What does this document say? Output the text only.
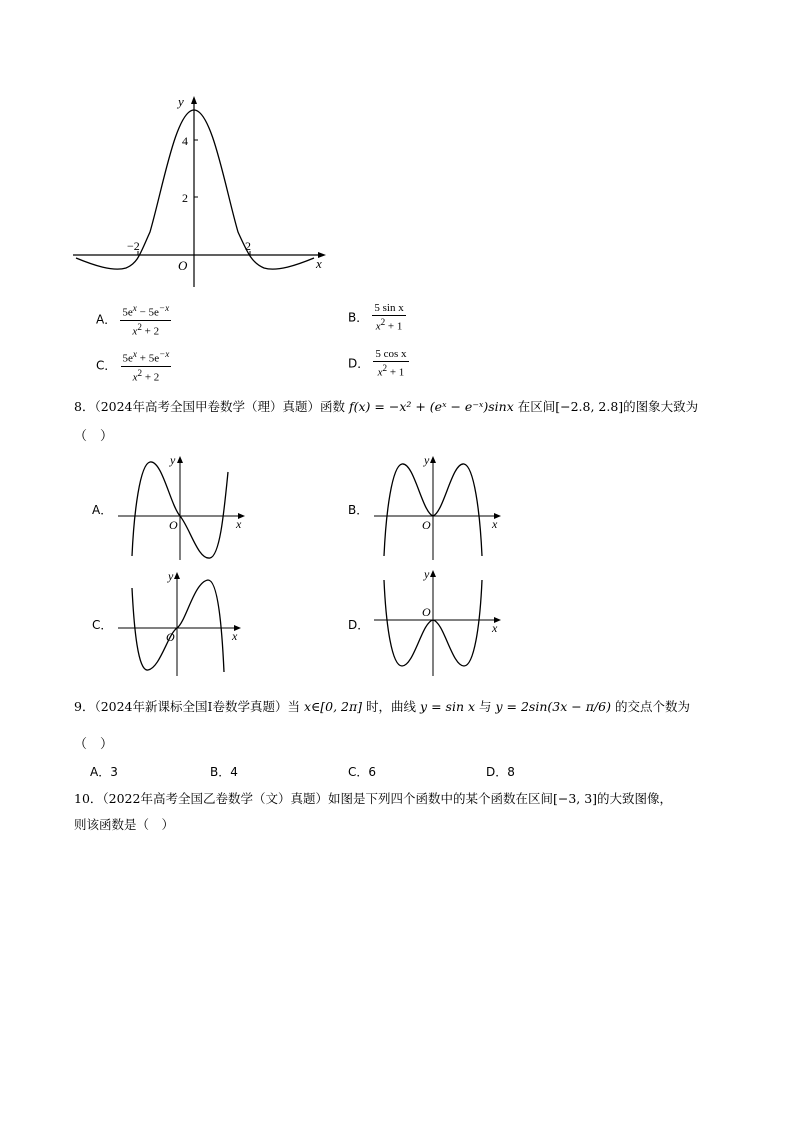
y
x
O
4
2
−2	2
A． $\frac{5e^x - 5e^{-x}}{x^2 + 2}$	B． $\frac{\text{5 sin x}}{x^2 + 1}$
C． $\frac{5e^x + 5e^{-x}}{x^2 + 2}$	D． $\frac{\text{5 cos x}}{x^2 + 1}$
8．（2024年高考全国甲卷数学（理）真题）函数 f(x) = −x² + (eˣ − e⁻ˣ)sinx 在区间[−2.8, 2.8]的图象大致为
（　）
A．
y
x
O
B．
y
x
O
C．
y
x
O
D．
y
x
O
9．（2024年新课标全国Ⅰ卷数学真题）当 x∈[0, 2π] 时，曲线 y = sin x 与 y = 2sin(3x − π/6) 的交点个数为
（　）
A．3	B．4	C．6	D．8
10．（2022年高考全国乙卷数学（文）真题）如图是下列四个函数中的某个函数在区间[−3, 3]的大致图像，
则该函数是（　）
